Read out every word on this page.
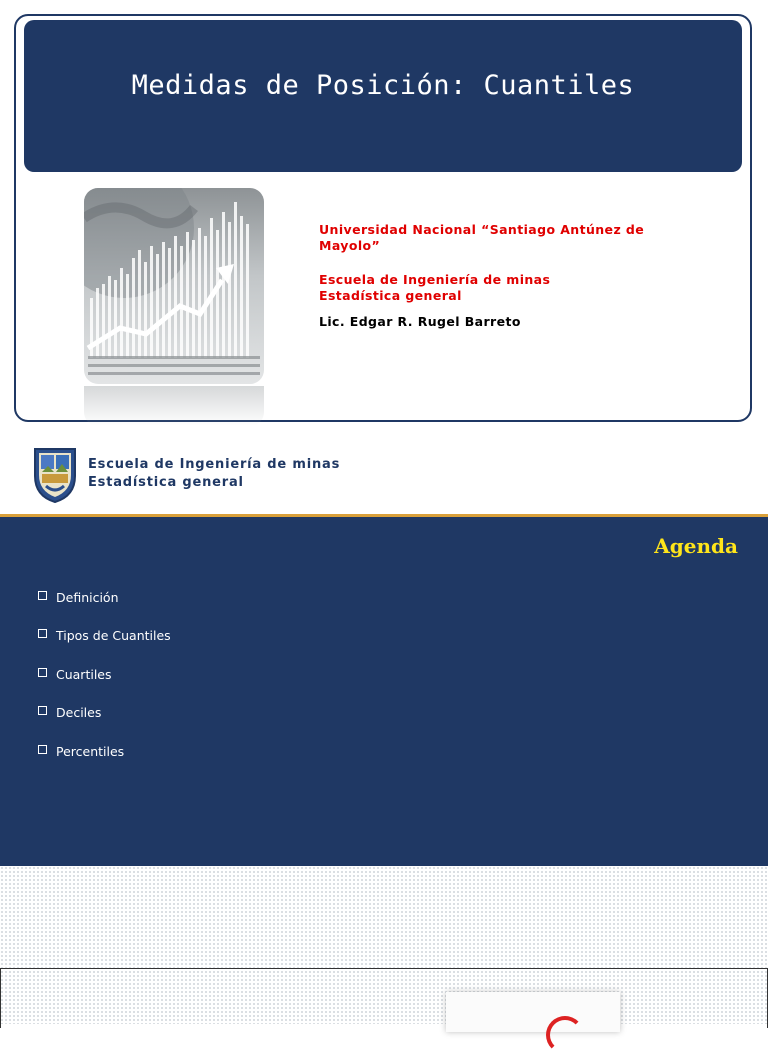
Medidas de Posición: Cuantiles
Universidad Nacional “Santiago Antúnez de Mayolo”
Escuela de Ingeniería de minas
Estadística general
Lic. Edgar R. Rugel Barreto
Escuela de Ingeniería de minas
Estadística general
Agenda
Definición
Tipos de Cuantiles
Cuartiles
Deciles
Percentiles
